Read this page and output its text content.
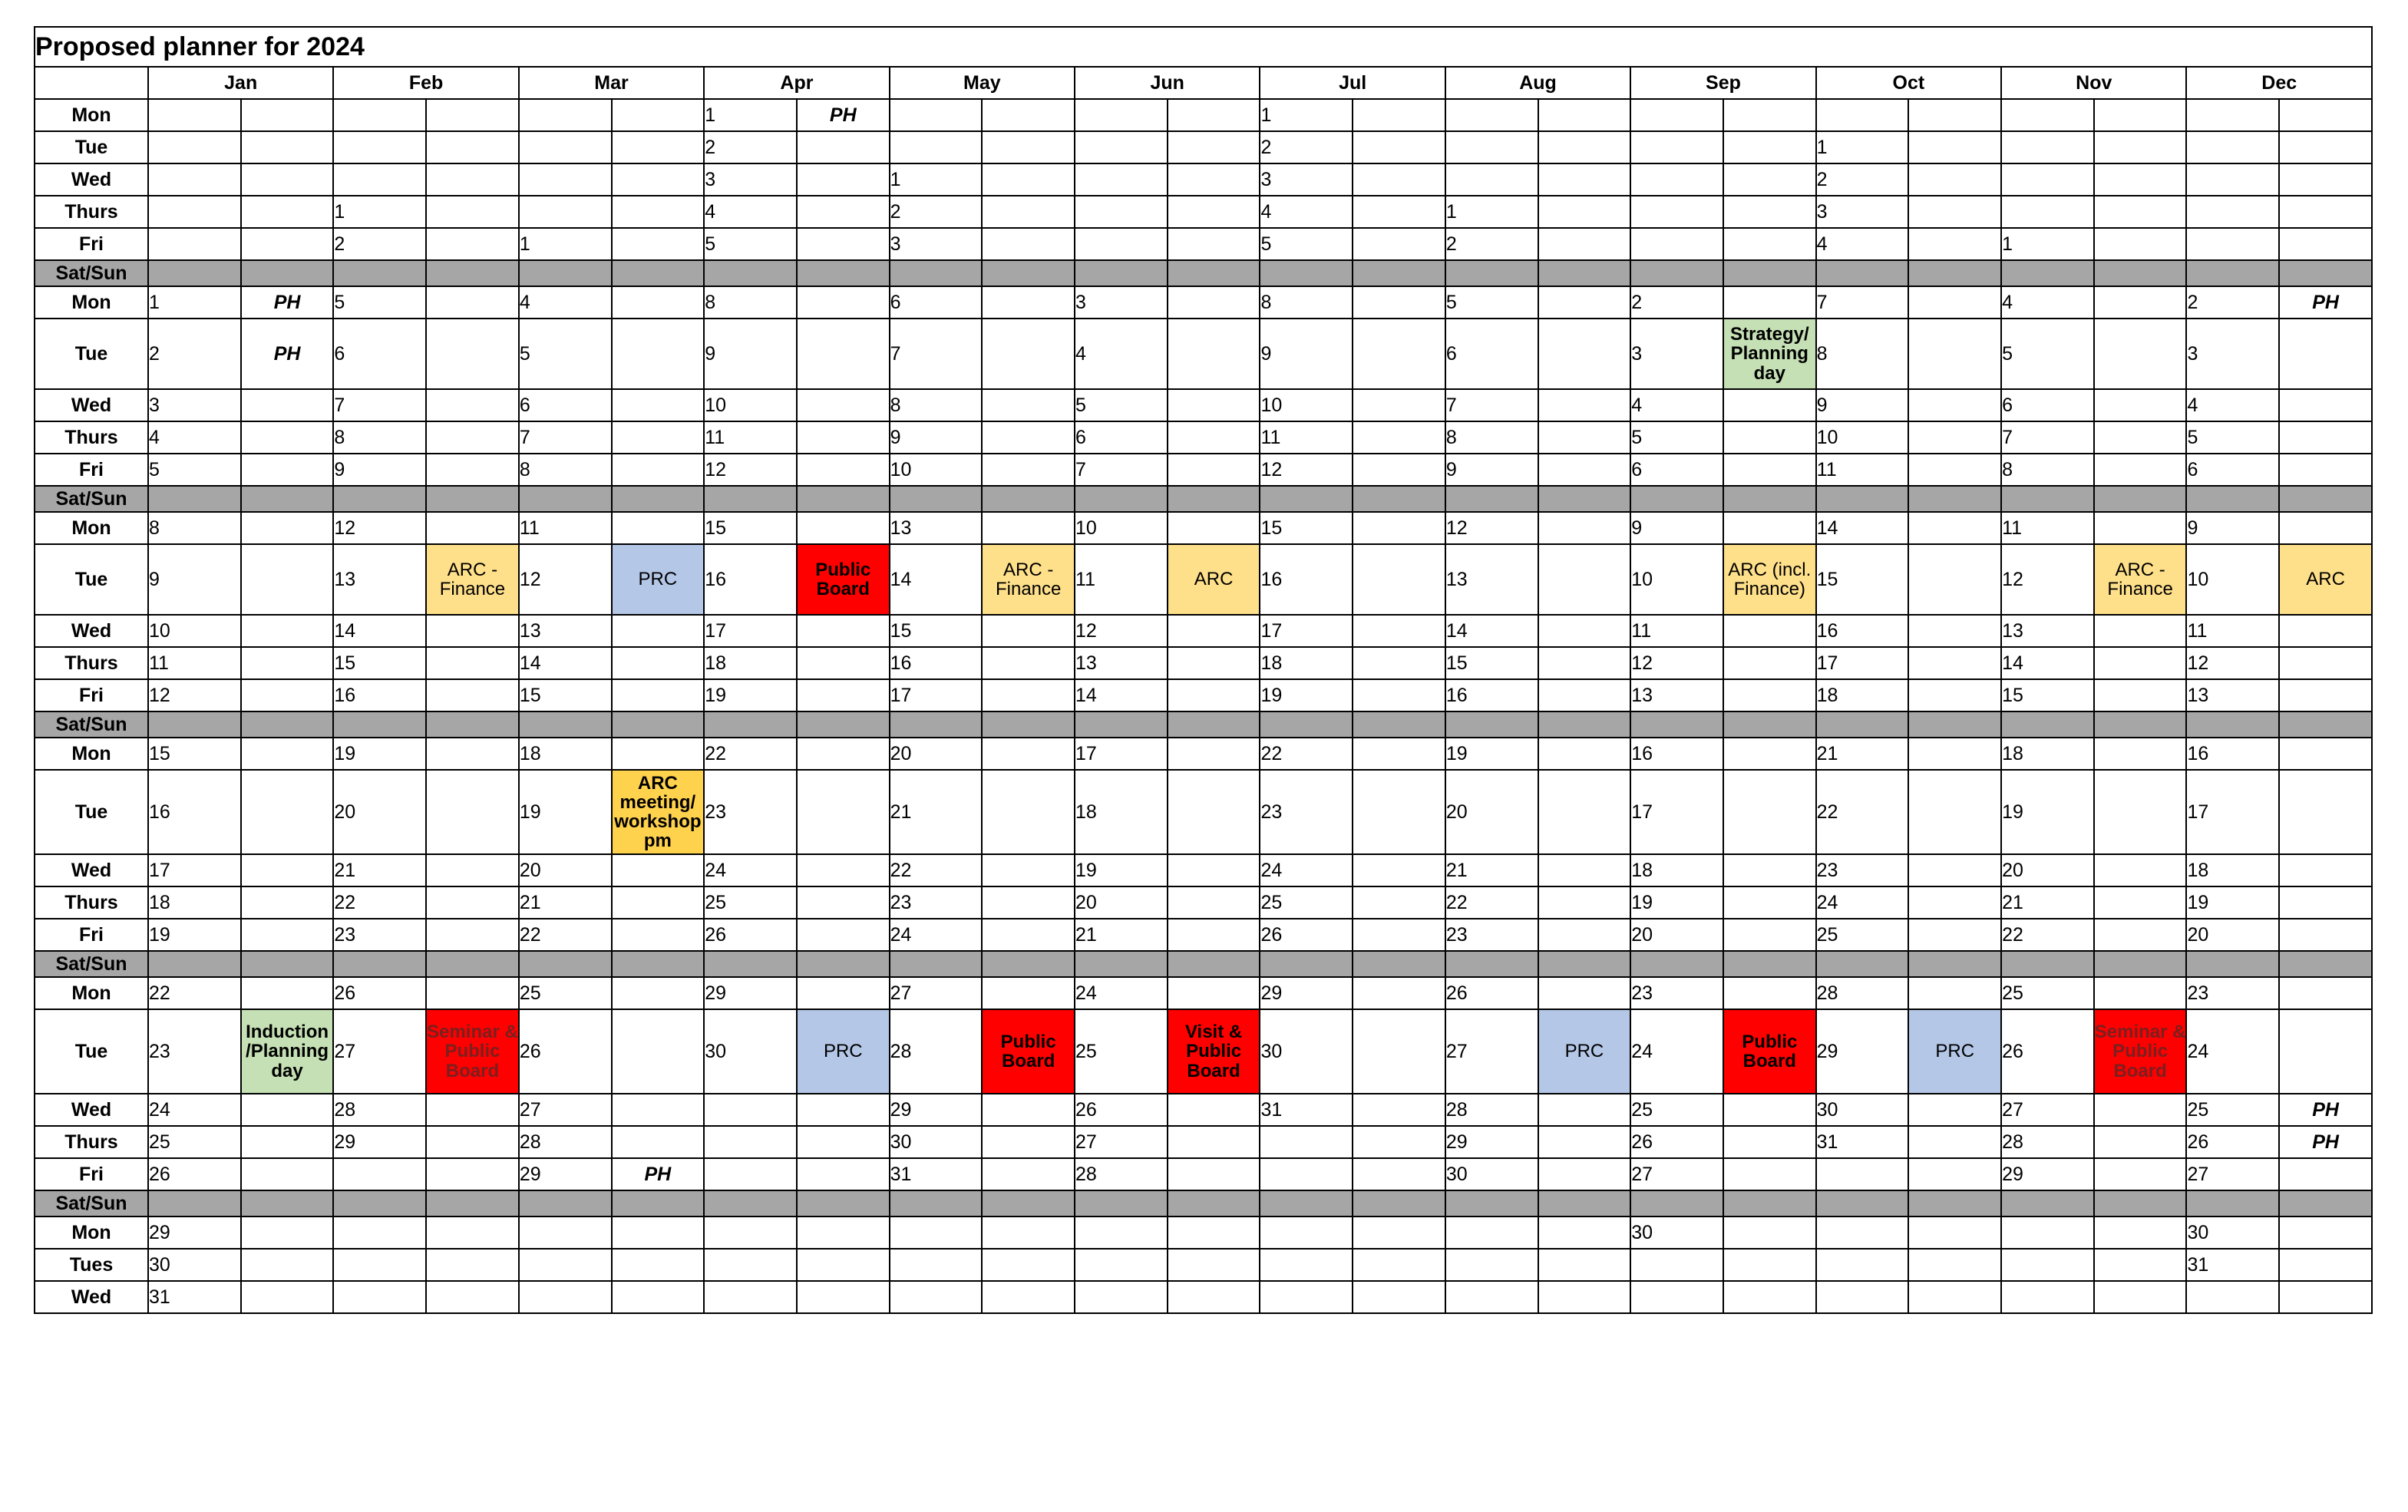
Proposed planner for 2024																								
	Jan		Feb		Mar		Apr		May		Jun		Jul		Aug		Sep		Oct		Nov		Dec	
Mon							1	PH					1											
Tue							2						2						1					
Wed							3		1				3						2					
Thurs			1				4		2				4		1				3					
Fri			2		1		5		3				5		2				4		1			
Sat/Sun																								
Mon	1	PH	5		4		8		6		3		8		5		2		7		4		2	PH
Tue	2	PH	6		5		9		7		4		9		6		3	Strategy/ Planning day	8		5		3	
Wed	3		7		6		10		8		5		10		7		4		9		6		4	
Thurs	4		8		7		11		9		6		11		8		5		10		7		5	
Fri	5		9		8		12		10		7		12		9		6		11		8		6	
Sat/Sun																								
Mon	8		12		11		15		13		10		15		12		9		14		11		9	
Tue	9		13	ARC - Finance	12	PRC	16	Public Board	14	ARC - Finance	11	ARC	16		13		10	ARC (incl. Finance)	15		12	ARC - Finance	10	ARC
Wed	10		14		13		17		15		12		17		14		11		16		13		11	
Thurs	11		15		14		18		16		13		18		15		12		17		14		12	
Fri	12		16		15		19		17		14		19		16		13		18		15		13	
Sat/Sun																								
Mon	15		19		18		22		20		17		22		19		16		21		18		16	
Tue	16		20		19	ARC meeting/ workshop pm	23		21		18		23		20		17		22		19		17	
Wed	17		21		20		24		22		19		24		21		18		23		20		18	
Thurs	18		22		21		25		23		20		25		22		19		24		21		19	
Fri	19		23		22		26		24		21		26		23		20		25		22		20	
Sat/Sun																								
Mon	22		26		25		29		27		24		29		26		23		28		25		23	
Tue	23	Induction /Planning day	27	Seminar & Public Board	26		30	PRC	28	Public Board	25	Visit & Public Board	30		27	PRC	24	Public Board	29	PRC	26	Seminar & Public Board	24	
Wed	24		28		27				29		26		31		28		25		30		27		25	PH
Thurs	25		29		28				30		27				29		26		31		28		26	PH
Fri	26				29	PH			31		28				30		27				29		27	
Sat/Sun																								
Mon	29																30						30	
Tues	30																						31	
Wed	31																							
